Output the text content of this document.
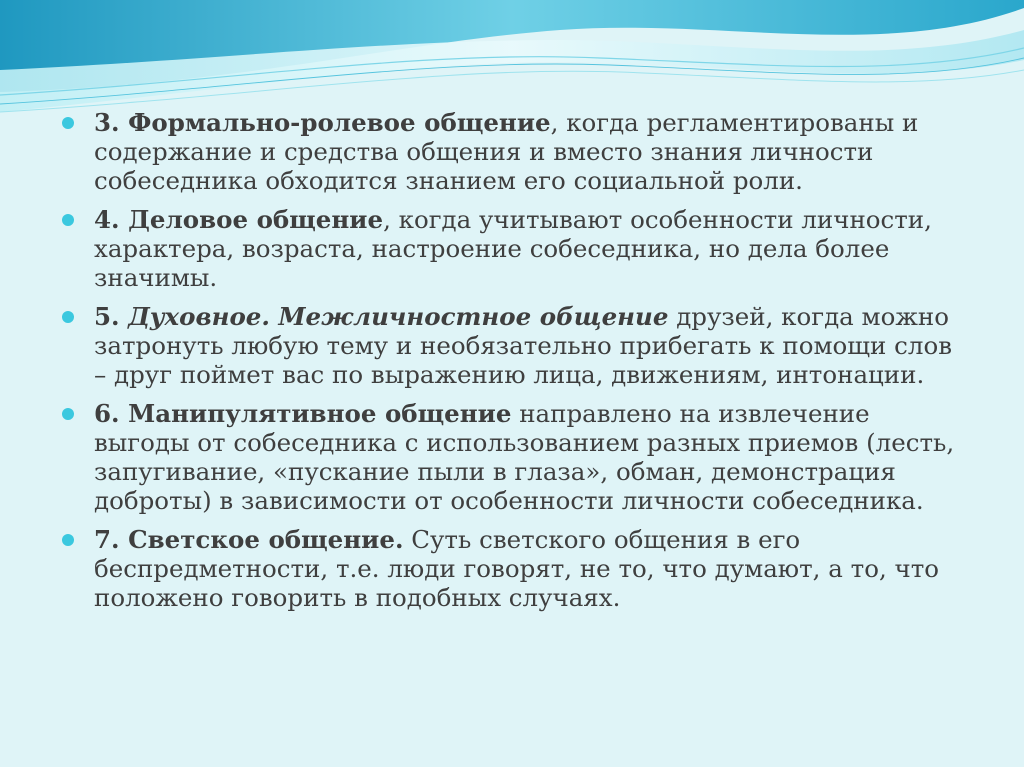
3. Формально-ролевое общение, когда регламентированы и содержание и средства общения и вместо знания личности собеседника обходится знанием его социальной роли.
4. Деловое общение, когда учитывают особенности личности, характера, возраста, настроение собеседника, но дела более значимы.
5. Духовное. Межличностное общение друзей, когда можно затронуть любую тему и необязательно прибегать к помощи слов – друг поймет вас по выражению лица, движениям, интонации.
6. Манипулятивное общение направлено на извлечение выгоды от собеседника с использованием разных приемов (лесть, запугивание, «пускание пыли в глаза», обман, демонстрация доброты) в зависимости от особенности личности собеседника.
7. Светское общение. Суть светского общения в его беспредметности, т.е. люди говорят, не то, что думают, а то, что положено говорить в подобных случаях.
